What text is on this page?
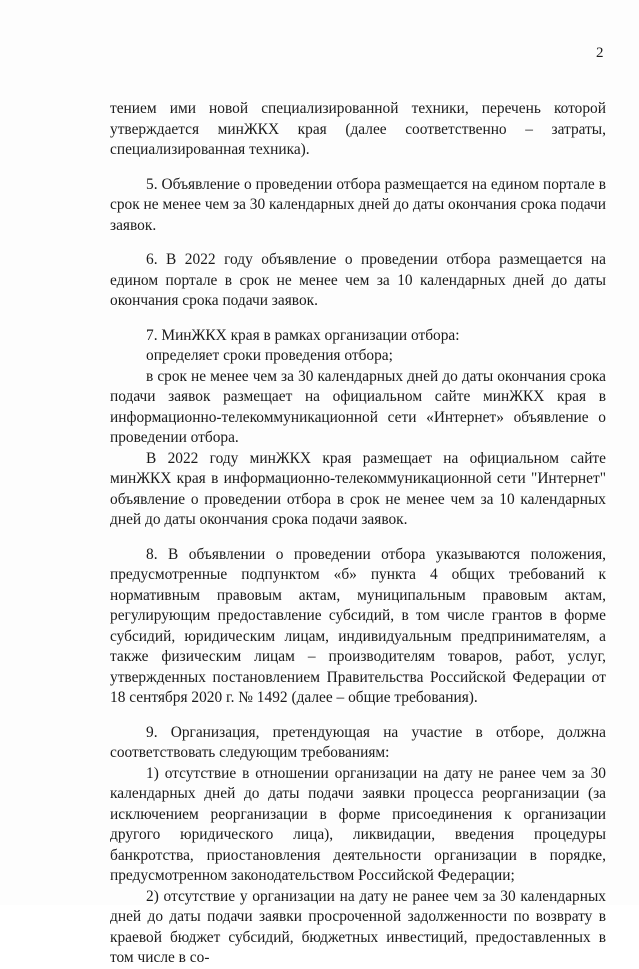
2

тением ими новой специализированной техники, перечень которой утверждается минЖКХ края (далее соответственно – затраты, специализированная техника).

5. Объявление о проведении отбора размещается на едином портале в срок не менее чем за 30 календарных дней до даты окончания срока подачи заявок.

6. В 2022 году объявление о проведении отбора размещается на едином портале в срок не менее чем за 10 календарных дней до даты окончания срока подачи заявок.

7. МинЖКХ края в рамках организации отбора:

определяет сроки проведения отбора;

в срок не менее чем за 30 календарных дней до даты окончания срока подачи заявок размещает на официальном сайте минЖКХ края в информационно-телекоммуникационной сети «Интернет» объявление о проведении отбора.

В 2022 году минЖКХ края размещает на официальном сайте минЖКХ края в информационно-телекоммуникационной сети "Интернет" объявление о проведении отбора в срок не менее чем за 10 календарных дней до даты окончания срока подачи заявок.

8. В объявлении о проведении отбора указываются положения, предусмотренные подпунктом «б» пункта 4 общих требований к нормативным правовым актам, муниципальным правовым актам, регулирующим предоставление субсидий, в том числе грантов в форме субсидий, юридическим лицам, индивидуальным предпринимателям, а также физическим лицам – производителям товаров, работ, услуг, утвержденных постановлением Правительства Российской Федерации от 18 сентября 2020 г. № 1492 (далее – общие требования).

9. Организация, претендующая на участие в отборе, должна соответствовать следующим требованиям:

1) отсутствие в отношении организации на дату не ранее чем за 30 календарных дней до даты подачи заявки процесса реорганизации (за исключением реорганизации в форме присоединения к организации другого юридического лица), ликвидации, введения процедуры банкротства, приостановления деятельности организации в порядке, предусмотренном законодательством Российской Федерации;

2) отсутствие у организации на дату не ранее чем за 30 календарных дней до даты подачи заявки просроченной задолженности по возврату в краевой бюджет субсидий, бюджетных инвестиций, предоставленных в том числе в со-
